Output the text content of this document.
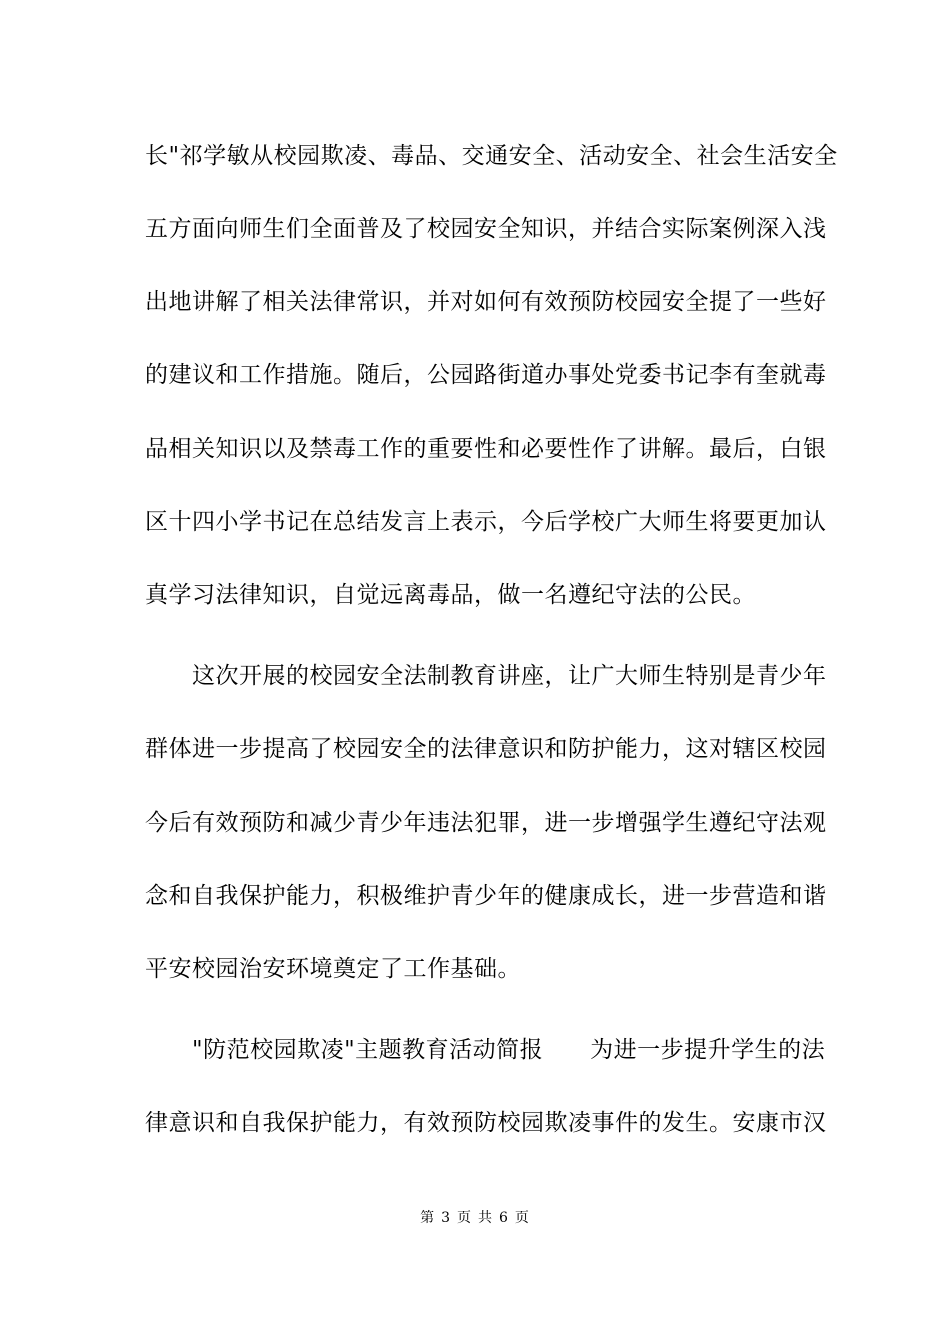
长"祁学敏从校园欺凌、毒品、交通安全、活动安全、社会生活安全
五方面向师生们全面普及了校园安全知识，并结合实际案例深入浅
出地讲解了相关法律常识，并对如何有效预防校园安全提了一些好
的建议和工作措施。随后，公园路街道办事处党委书记李有奎就毒
品相关知识以及禁毒工作的重要性和必要性作了讲解。最后，白银
区十四小学书记在总结发言上表示，今后学校广大师生将要更加认
真学习法律知识，自觉远离毒品，做一名遵纪守法的公民。
　　这次开展的校园安全法制教育讲座，让广大师生特别是青少年
群体进一步提高了校园安全的法律意识和防护能力，这对辖区校园
今后有效预防和减少青少年违法犯罪，进一步增强学生遵纪守法观
念和自我保护能力，积极维护青少年的健康成长，进一步营造和谐
平安校园治安环境奠定了工作基础。
　　"防范校园欺凌"主题教育活动简报　　为进一步提升学生的法
律意识和自我保护能力，有效预防校园欺凌事件的发生。安康市汉
第 3 页 共 6 页
